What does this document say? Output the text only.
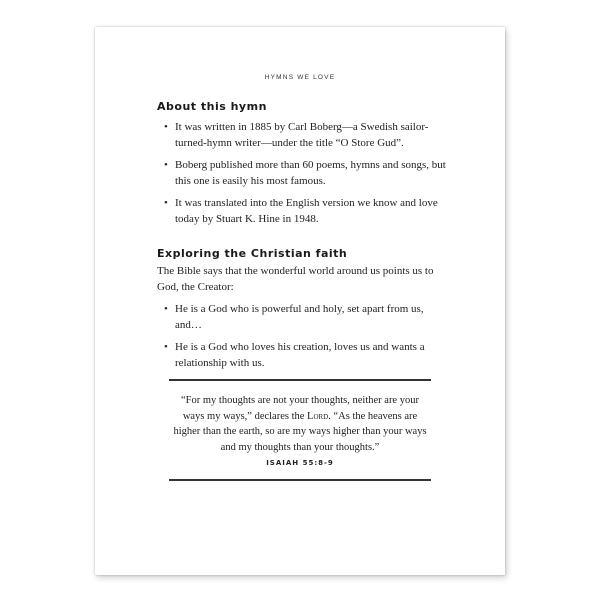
HYMNS WE LOVE
About this hymn
• It was written in 1885 by Carl Boberg—a Swedish sailor-turned-hymn writer—under the title “O Store Gud”.
• Boberg published more than 60 poems, hymns and songs, but this one is easily his most famous.
• It was translated into the English version we know and love today by Stuart K. Hine in 1948.
Exploring the Christian faith

The Bible says that the wonderful world around us points us to God, the Creator:

• He is a God who is powerful and holy, set apart from us, and…
• He is a God who loves his creation, loves us and wants a relationship with us.
“For my thoughts are not your thoughts, neither are your ways my ways,” declares the Lord. “As the heavens are higher than the earth, so are my ways higher than your ways and my thoughts than your thoughts.”
ISAIAH 55:8-9
